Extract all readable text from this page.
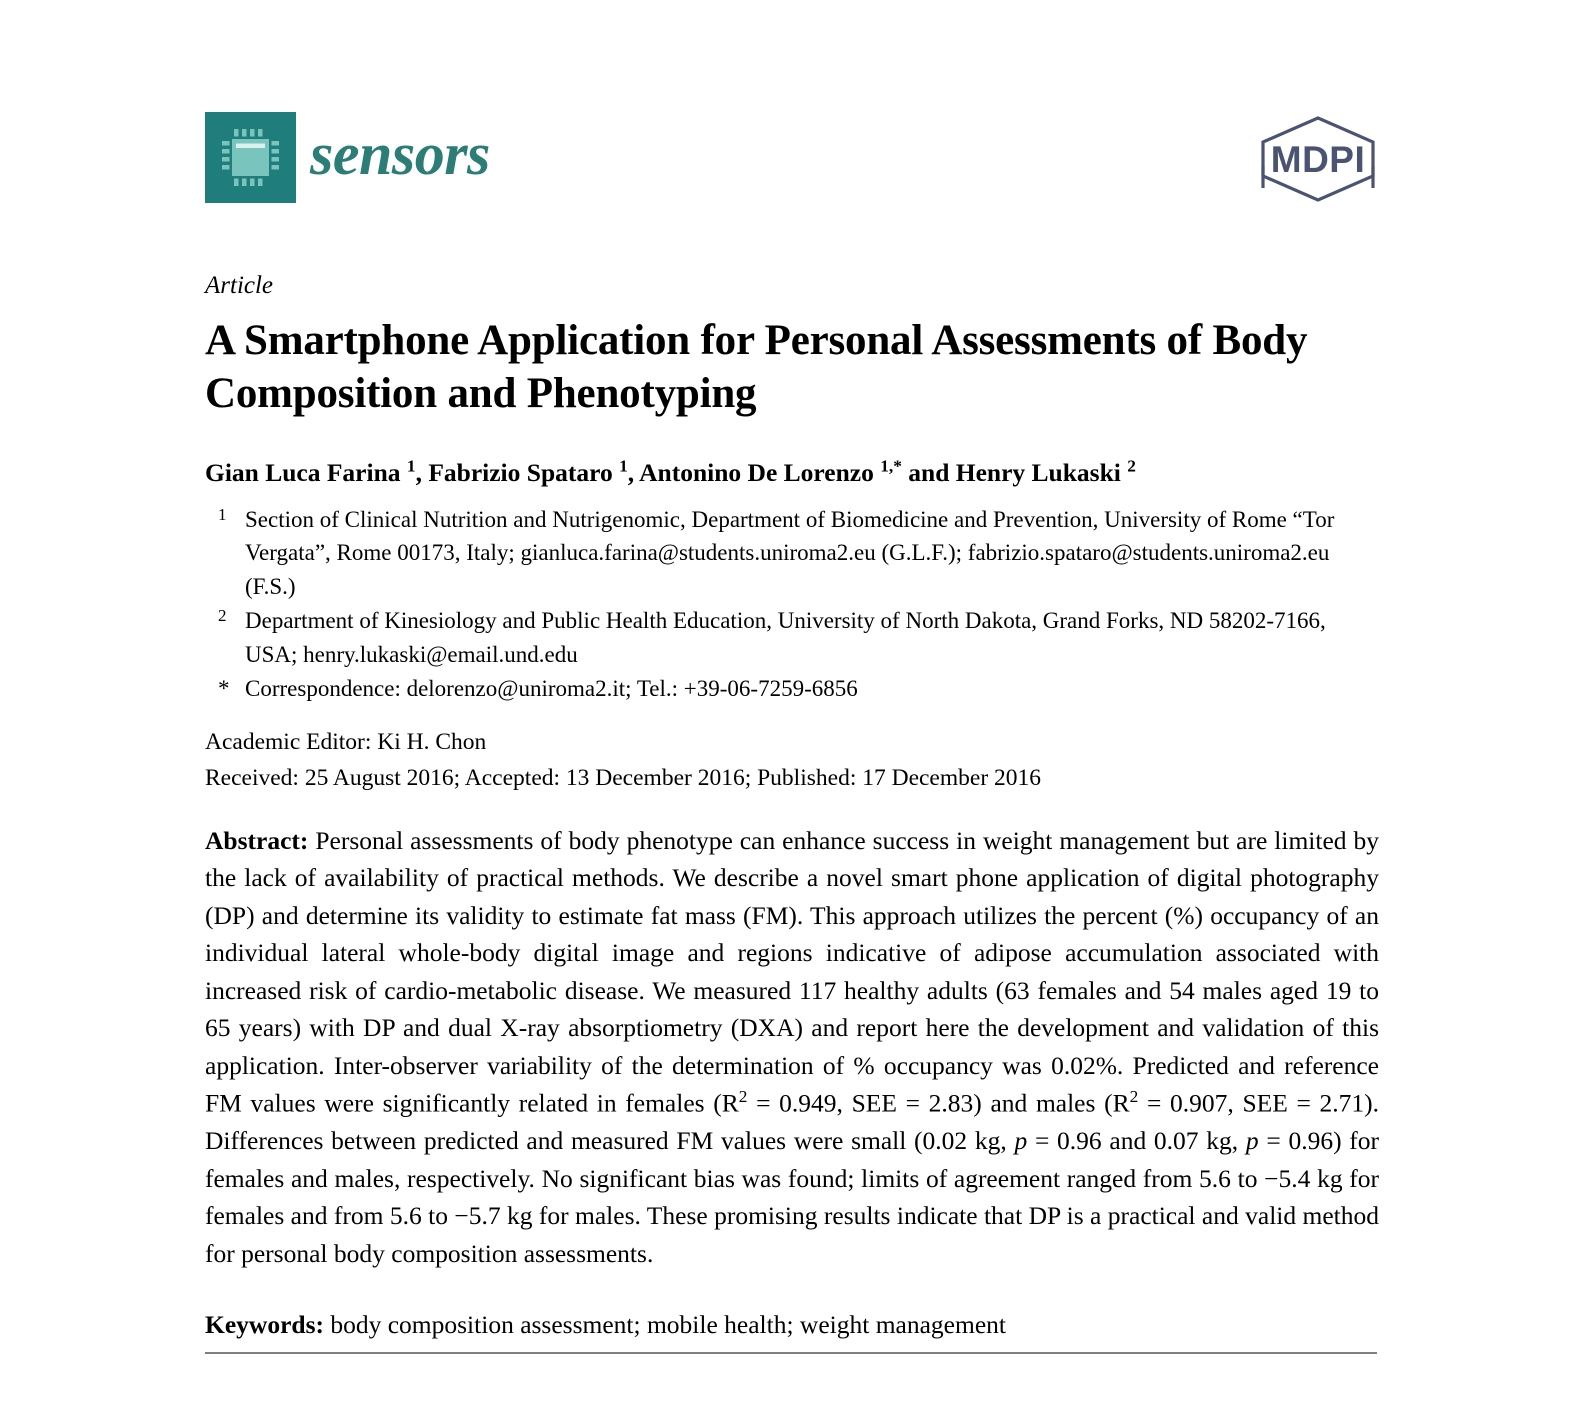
sensors	MDPI
Article
A Smartphone Application for Personal Assessments of Body Composition and Phenotyping
Gian Luca Farina $^1$, Fabrizio Spataro $^1$, Antonino De Lorenzo $^{1,*}$ and Henry Lukaski $^2$
1 Section of Clinical Nutrition and Nutrigenomic, Department of Biomedicine and Prevention, University of Rome “Tor Vergata”, Rome 00173, Italy; gianluca.farina@students.uniroma2.eu (G.L.F.); fabrizio.spataro@students.uniroma2.eu (F.S.)
2 Department of Kinesiology and Public Health Education, University of North Dakota, Grand Forks, ND 58202-7166, USA; henry.lukaski@email.und.edu
* Correspondence: delorenzo@uniroma2.it; Tel.: +39-06-7259-6856
Academic Editor: Ki H. Chon
Received: 25 August 2016; Accepted: 13 December 2016; Published: 17 December 2016
Abstract: Personal assessments of body phenotype can enhance success in weight management but are limited by the lack of availability of practical methods. We describe a novel smart phone application of digital photography (DP) and determine its validity to estimate fat mass (FM). This approach utilizes the percent (%) occupancy of an individual lateral whole-body digital image and regions indicative of adipose accumulation associated with increased risk of cardio-metabolic disease. We measured 117 healthy adults (63 females and 54 males aged 19 to 65 years) with DP and dual X-ray absorptiometry (DXA) and report here the development and validation of this application. Inter-observer variability of the determination of % occupancy was 0.02%. Predicted and reference FM values were significantly related in females ($R^2 = 0.949$, SEE = 2.83) and males ($R^2 = 0.907$, SEE = 2.71). Differences between predicted and measured FM values were small (0.02 kg, p = 0.96 and 0.07 kg, p = 0.96) for females and males, respectively. No significant bias was found; limits of agreement ranged from 5.6 to −5.4 kg for females and from 5.6 to −5.7 kg for males. These promising results indicate that DP is a practical and valid method for personal body composition assessments.
Keywords: body composition assessment; mobile health; weight management
